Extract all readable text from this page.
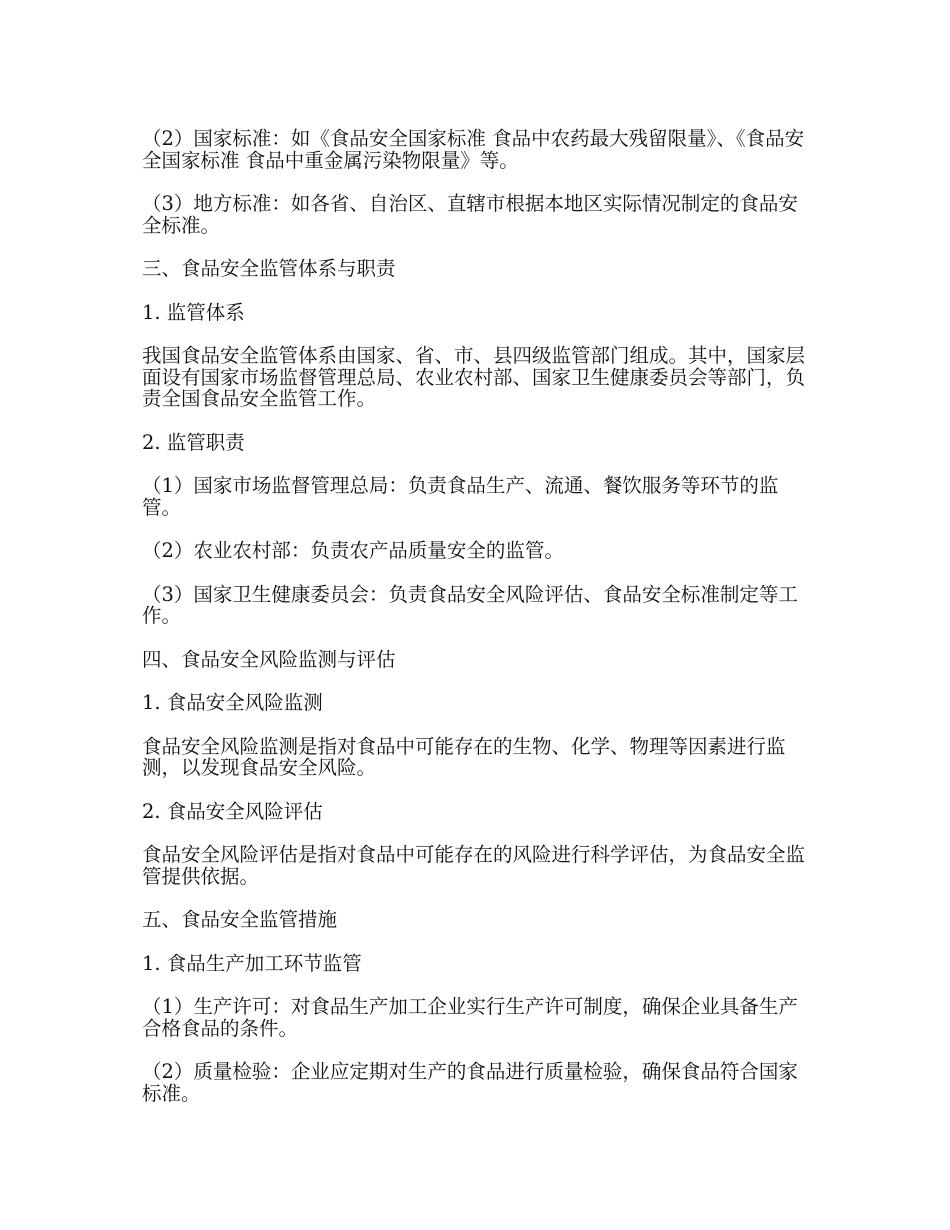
（2）国家标准：如《食品安全国家标准 食品中农药最大残留限量》、《食品安全国家标准 食品中重金属污染物限量》等。

（3）地方标准：如各省、自治区、直辖市根据本地区实际情况制定的食品安全标准。

三、食品安全监管体系与职责

1. 监管体系

我国食品安全监管体系由国家、省、市、县四级监管部门组成。其中，国家层面设有国家市场监督管理总局、农业农村部、国家卫生健康委员会等部门，负责全国食品安全监管工作。

2. 监管职责

（1）国家市场监督管理总局：负责食品生产、流通、餐饮服务等环节的监管。

（2）农业农村部：负责农产品质量安全的监管。

（3）国家卫生健康委员会：负责食品安全风险评估、食品安全标准制定等工作。

四、食品安全风险监测与评估

1. 食品安全风险监测

食品安全风险监测是指对食品中可能存在的生物、化学、物理等因素进行监测，以发现食品安全风险。

2. 食品安全风险评估

食品安全风险评估是指对食品中可能存在的风险进行科学评估，为食品安全监管提供依据。

五、食品安全监管措施

1. 食品生产加工环节监管

（1）生产许可：对食品生产加工企业实行生产许可制度，确保企业具备生产合格食品的条件。

（2）质量检验：企业应定期对生产的食品进行质量检验，确保食品符合国家标准。
